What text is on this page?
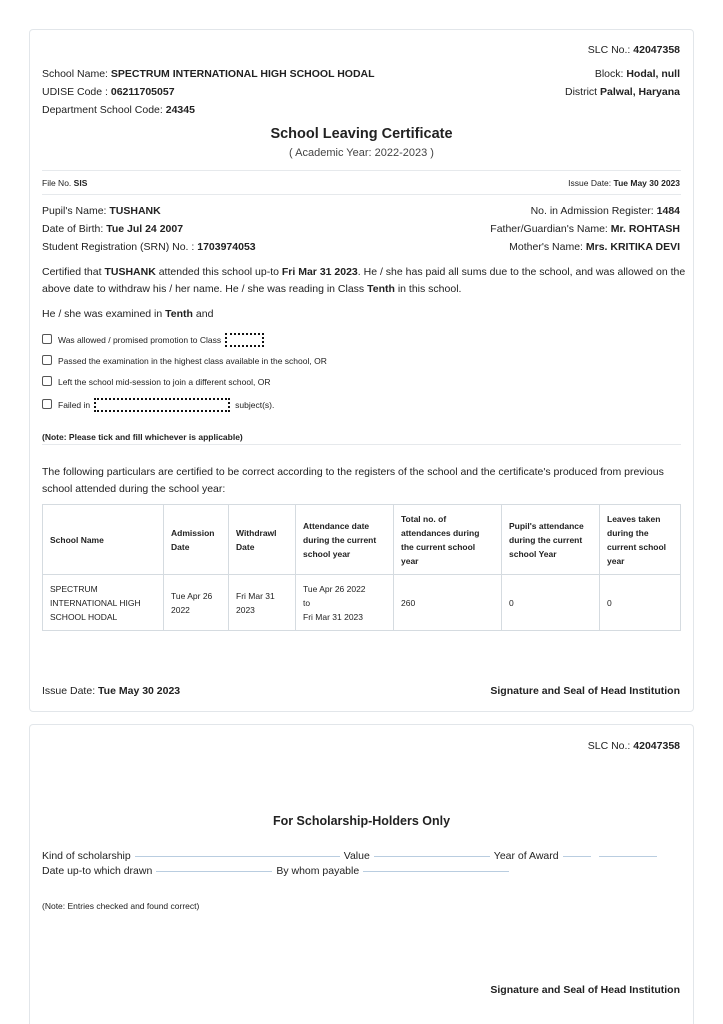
SLC No.: 42047358
School Name: SPECTRUM INTERNATIONAL HIGH SCHOOL HODAL
UDISE Code : 06211705057
Department School Code: 24345
Block: Hodal, null
District Palwal, Haryana
School Leaving Certificate
( Academic Year: 2022-2023 )
File No. SIS	Issue Date: Tue May 30 2023
Pupil's Name: TUSHANK
Date of Birth: Tue Jul 24 2007
Student Registration (SRN) No. : 1703974053
No. in Admission Register: 1484
Father/Guardian's Name: Mr. ROHTASH
Mother's Name: Mrs. KRITIKA DEVI
Certified that TUSHANK attended this school up-to Fri Mar 31 2023. He / she has paid all sums due to the school, and was allowed on the
above date to withdraw his / her name. He / she was reading in Class Tenth in this school.
He / she was examined in Tenth and
Was allowed / promised promotion to Class
Passed the examination in the highest class available in the school, OR
Left the school mid-session to join a different school, OR
Failed in	subject(s).
(Note: Please tick and fill whichever is applicable)
The following particulars are certified to be correct according to the registers of the school and the certificate's produced from previous
school attended during the school year:
School Name	Admission Date	Withdrawl Date	Attendance date during the current school year	Total no. of attendances during the current school year	Pupil's attendance during the current school Year	Leaves taken during the current school year
SPECTRUM INTERNATIONAL HIGH SCHOOL HODAL	Tue Apr 26 2022	Fri Mar 31 2023	Tue Apr 26 2022
to
Fri Mar 31 2023	260	0	0
Issue Date: Tue May 30 2023	Signature and Seal of Head Institution
SLC No.: 42047358
For Scholarship-Holders Only
Kind of scholarship	Value	Year of Award
Date up-to which drawn	By whom payable
(Note: Entries checked and found correct)
Signature and Seal of Head Institution
